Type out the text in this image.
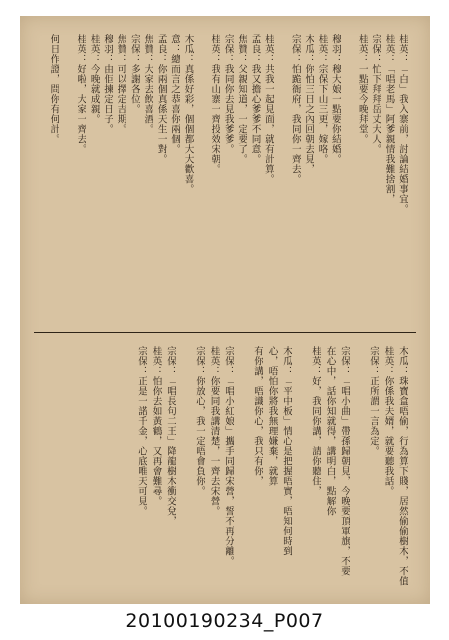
桂英：「白」我入寨前，討論結婚事宜。
桂英：「唱老馬」阿爹親情我難捨割，
宗保：忙下拜拜岳丈大人。
桂英：一點要今晚拜堂。
穆羽：穆大娘一點要你結婚。
桂英：宗保下山三更，嫁咯。
木瓜：你怕三日之內回朝去見，
宗保：怕跪衙府，我同你一齊去。
桂英：共我一起見面，就有計算。
孟良：我又擔心爹爹不同意。
焦贊：父親知道，一定要了。
宗保：我同你去見我爹爹。
桂英：我有山寨一齊投效宋朝。
木瓜：真係好彩，個個都大大歡喜。
意：總而言之恭喜你兩個。
孟良：你兩個真係天生一對。
焦贊：大家去飲喜酒。
宗保：多謝各位。
焦贊：可以擇定吉期。
穆羽：由佢揀定日子。
桂英：今晚就成親。
桂英：好啦，大家一齊去。
何日作證，問你有何計。
木瓜：珠寶盒唔偷，行為算下賤，居然偷偷樹木，不值
桂英：你係我夫婿，就要聽我話。
宗保：正所謂一言為定。
宗保：「唱小曲」帶孫歸朝見，今晚要頂軍旗，不要
在心中，話你知就得，講明白，點解你
桂英：好，我同你講，請你聽住，
木瓜：「平中板」情心是把握唔實，唔知何時到
心，唔怕你將我無理嫌棄，就算
有你講，唔識你心，我只有你，
宗保：「唱小紅娘」攜手同歸宋營，誓不再分離。
桂英：你要同我講清楚，一齊去宋營。
宗保：你放心，我一定唔會負你。
宗保：「唱長句二王」降龍樹木衝交兌，
桂英：怕你去如黃鶴，又再會難尋。
宗保：正是一諾千金，心底唯天可見。
20100190234_P007
